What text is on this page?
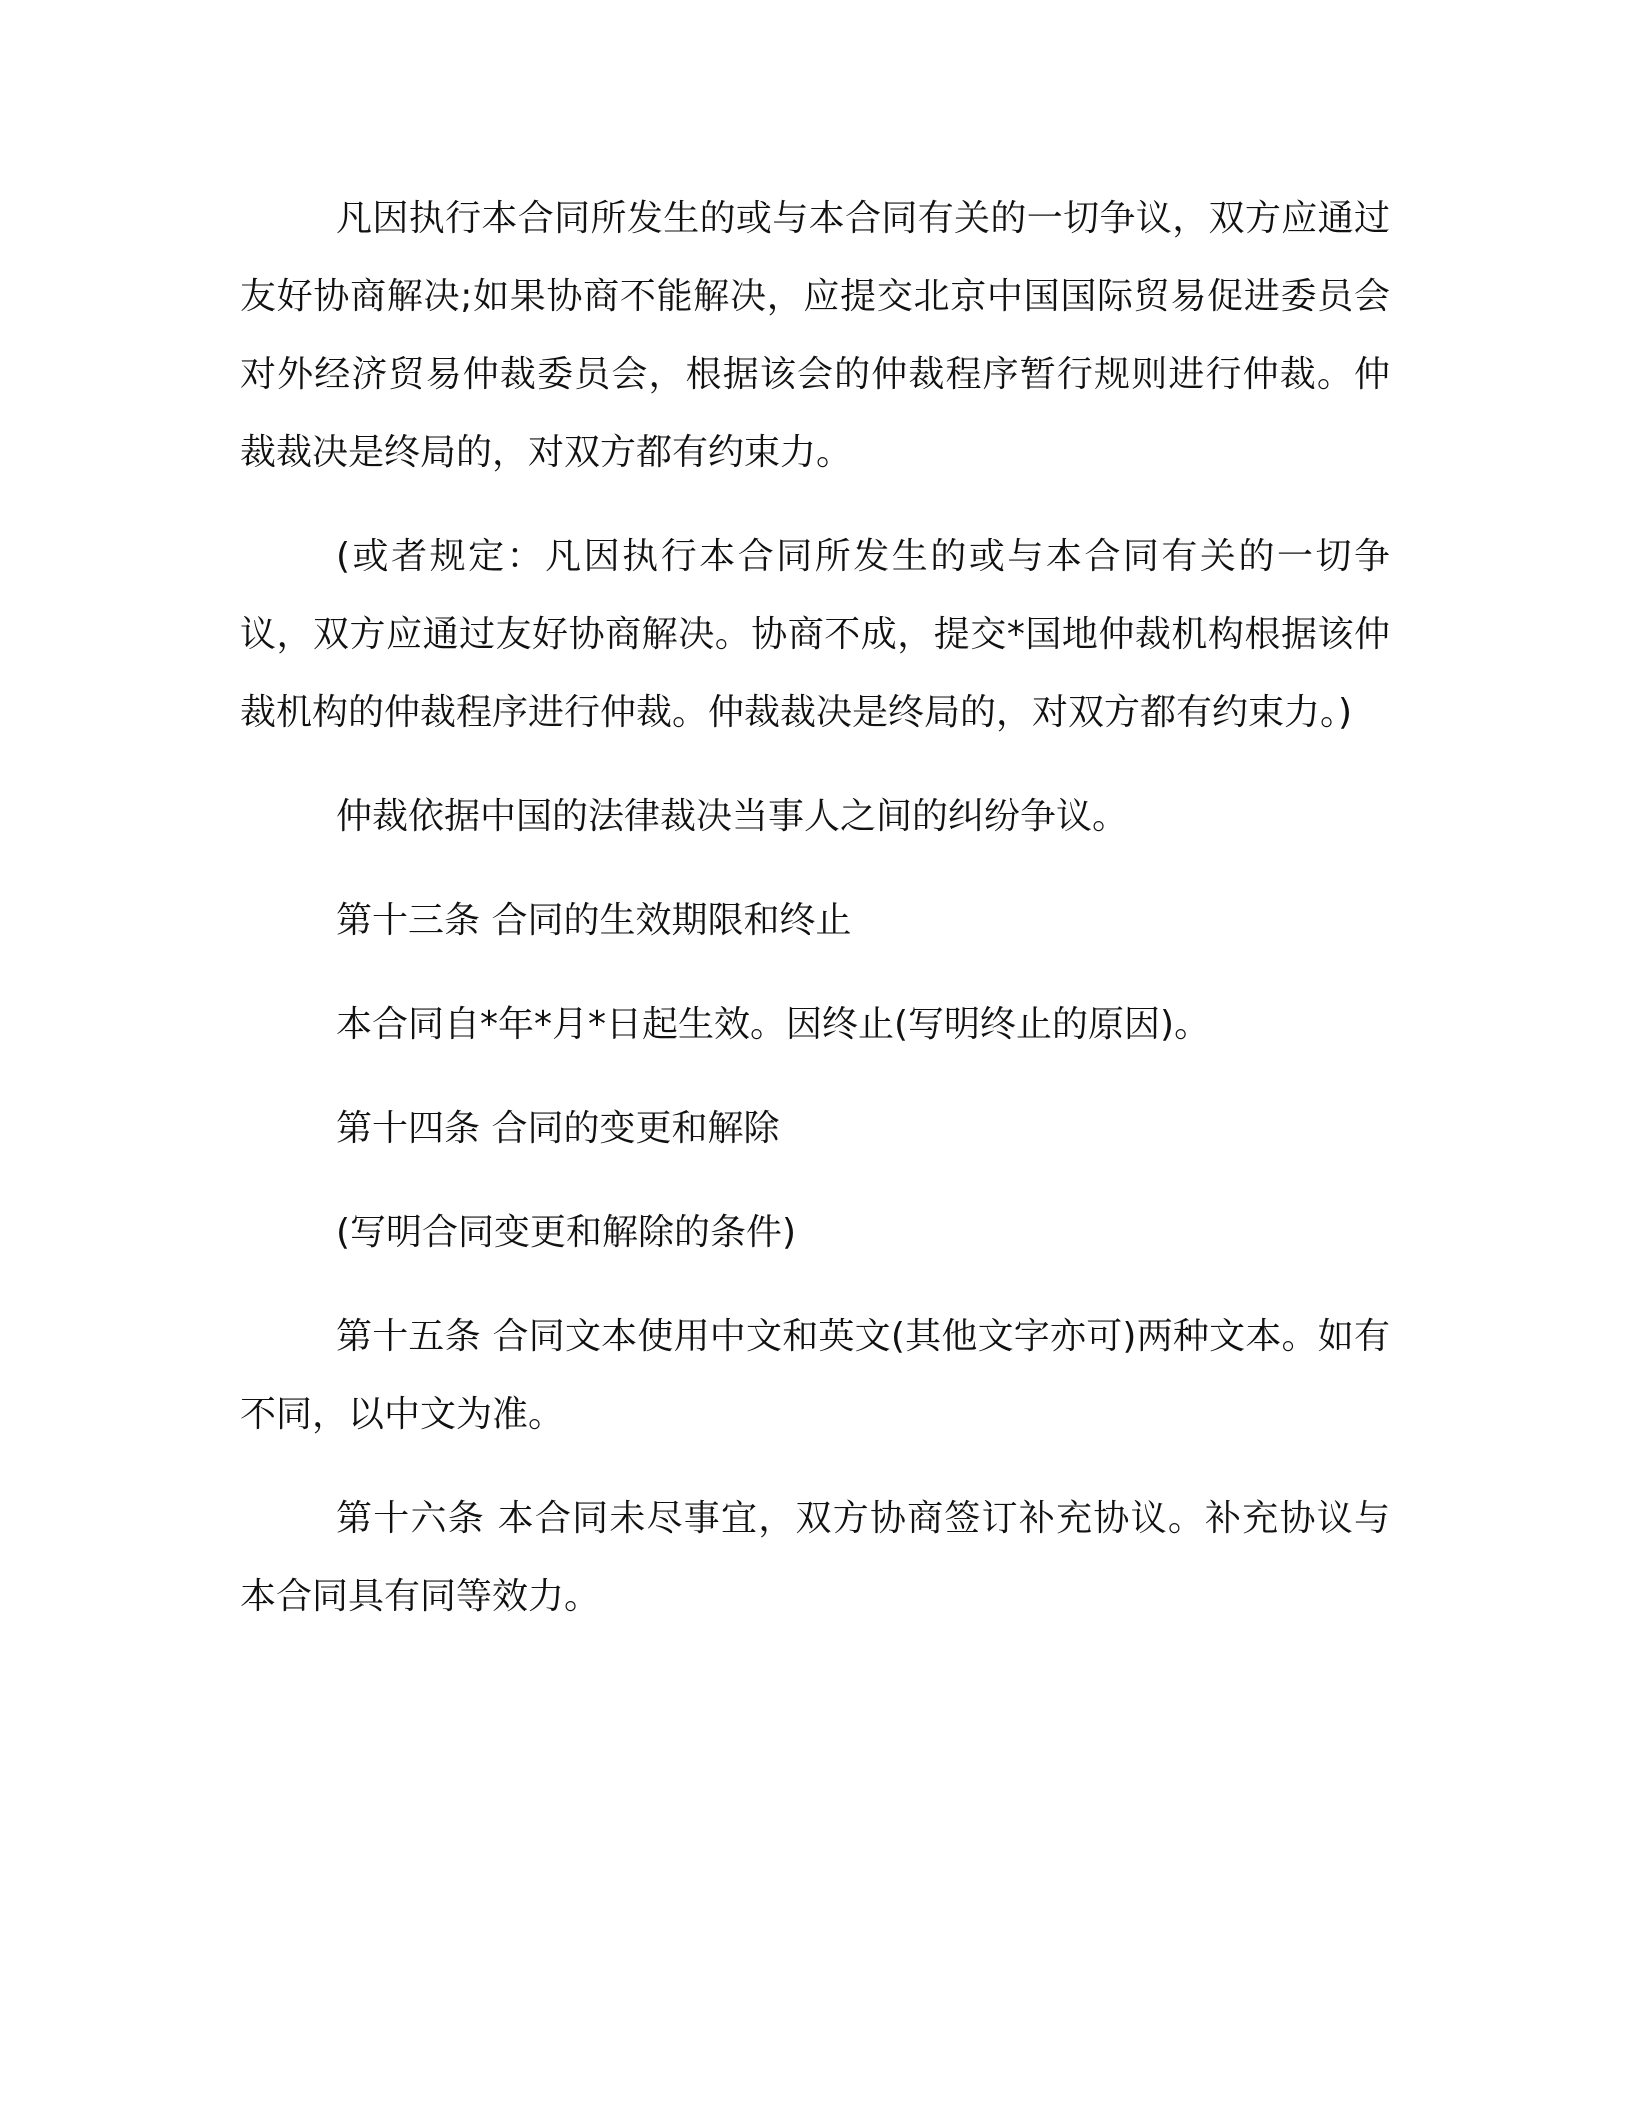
凡因执行本合同所发生的或与本合同有关的一切争议，双方应通过友好协商解决;如果协商不能解决，应提交北京中国国际贸易促进委员会对外经济贸易仲裁委员会，根据该会的仲裁程序暂行规则进行仲裁。仲裁裁决是终局的，对双方都有约束力。

(或者规定：凡因执行本合同所发生的或与本合同有关的一切争议，双方应通过友好协商解决。协商不成，提交*国地仲裁机构根据该仲裁机构的仲裁程序进行仲裁。仲裁裁决是终局的，对双方都有约束力。)

仲裁依据中国的法律裁决当事人之间的纠纷争议。

第十三条 合同的生效期限和终止

本合同自*年*月*日起生效。因终止(写明终止的原因)。

第十四条 合同的变更和解除

(写明合同变更和解除的条件)

第十五条 合同文本使用中文和英文(其他文字亦可)两种文本。如有不同，以中文为准。

第十六条 本合同未尽事宜，双方协商签订补充协议。补充协议与本合同具有同等效力。
